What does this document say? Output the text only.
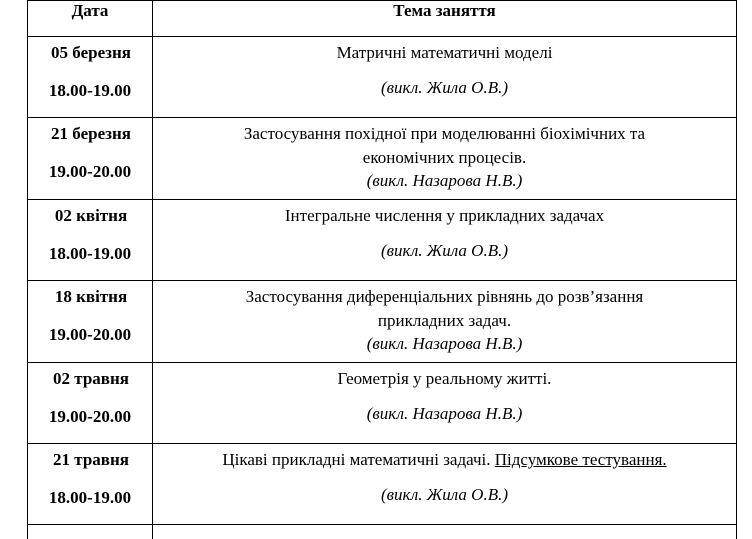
Дата	Тема заняття

05 березня
18.00-19.00	Матричні математичні моделі
(викл. Жила О.В.)

21 березня
19.00-20.00	Застосування похідної при моделюванні біохімічних та
економічних процесів.
(викл. Назарова Н.В.)

02 квітня
18.00-19.00	Інтегральне числення у прикладних задачах
(викл. Жила О.В.)

18 квітня
19.00-20.00	Застосування диференціальних рівнянь до розв’язання
прикладних задач.
(викл. Назарова Н.В.)

02 травня
19.00-20.00	Геометрія у реальному житті.
(викл. Назарова Н.В.)

21 травня
18.00-19.00	Цікаві прикладні математичні задачі. Підсумкове тестування.
(викл. Жила О.В.)
